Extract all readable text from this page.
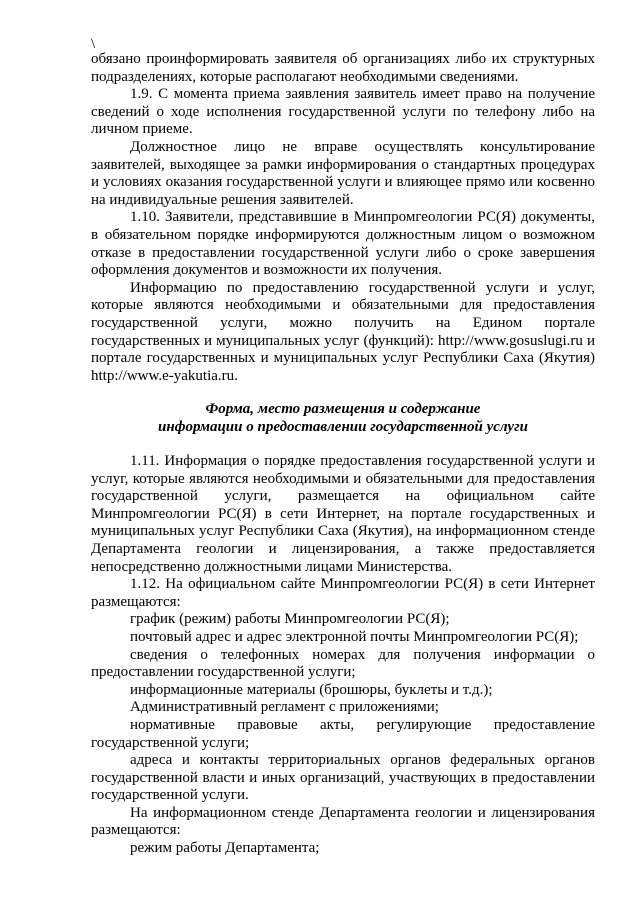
\

обязано проинформировать заявителя об организациях либо их структурных подразделениях, которые располагают необходимыми сведениями.

1.9. С момента приема заявления заявитель имеет право на получение сведений о ходе исполнения государственной услуги по телефону либо на личном приеме.

Должностное лицо не вправе осуществлять консультирование заявителей, выходящее за рамки информирования о стандартных процедурах и условиях оказания государственной услуги и влияющее прямо или косвенно на индивидуальные решения заявителей.

1.10. Заявители, представившие в Минпромгеологии РС(Я) документы, в обязательном порядке информируются должностным лицом о возможном отказе в предоставлении государственной услуги либо о сроке завершения оформления документов и возможности их получения.

Информацию по предоставлению государственной услуги и услуг, которые являются необходимыми и обязательными для предоставления государственной услуги, можно получить на Едином портале государственных и муниципальных услуг (функций): http://www.gosuslugi.ru и портале государственных и муниципальных услуг Республики Саха (Якутия) http://www.e-yakutia.ru.

Форма, место размещения и содержание
информации о предоставлении государственной услуги

1.11. Информация о порядке предоставления государственной услуги и услуг, которые являются необходимыми и обязательными для предоставления государственной услуги, размещается на официальном сайте Минпромгеологии РС(Я) в сети Интернет, на портале государственных и муниципальных услуг Республики Саха (Якутия), на информационном стенде Департамента геологии и лицензирования, а также предоставляется непосредственно должностными лицами Министерства.

1.12. На официальном сайте Минпромгеологии РС(Я) в сети Интернет размещаются:

график (режим) работы Минпромгеологии РС(Я);

почтовый адрес и адрес электронной почты Минпромгеологии РС(Я);

сведения о телефонных номерах для получения информации о предоставлении государственной услуги;

информационные материалы (брошюры, буклеты и т.д.);

Административный регламент с приложениями;

нормативные правовые акты, регулирующие предоставление государственной услуги;

адреса и контакты территориальных органов федеральных органов государственной власти и иных организаций, участвующих в предоставлении государственной услуги.

На информационном стенде Департамента геологии и лицензирования размещаются:

режим работы Департамента;
